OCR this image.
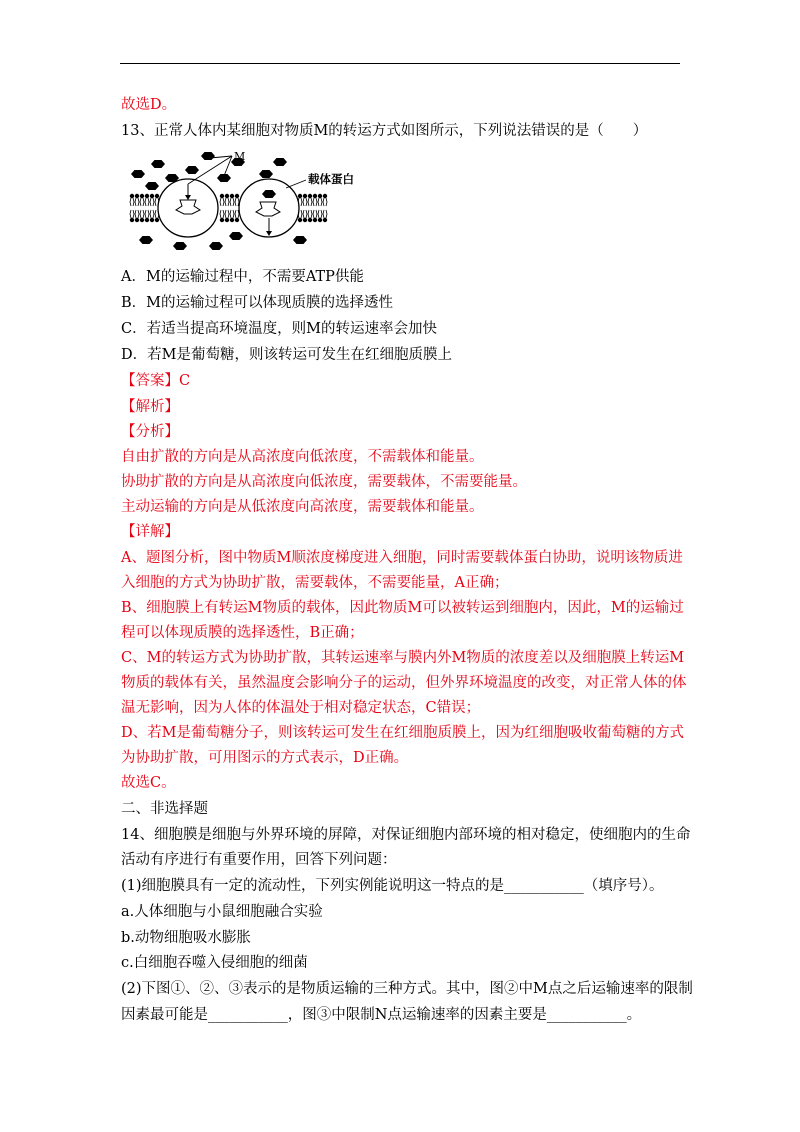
故选D。
13、正常人体内某细胞对物质M的转运方式如图所示，下列说法错误的是（　　）
M
载体蛋白
A．M的运输过程中，不需要ATP供能
B．M的运输过程可以体现质膜的选择透性
C．若适当提高环境温度，则M的转运速率会加快
D．若M是葡萄糖，则该转运可发生在红细胞质膜上
【答案】C
【解析】
【分析】
自由扩散的方向是从高浓度向低浓度，不需载体和能量。
协助扩散的方向是从高浓度向低浓度，需要载体，不需要能量。
主动运输的方向是从低浓度向高浓度，需要载体和能量。
【详解】
A、题图分析，图中物质M顺浓度梯度进入细胞，同时需要载体蛋白协助，说明该物质进
入细胞的方式为协助扩散，需要载体，不需要能量，A正确；
B、细胞膜上有转运M物质的载体，因此物质M可以被转运到细胞内，因此，M的运输过
程可以体现质膜的选择透性，B正确；
C、M的转运方式为协助扩散，其转运速率与膜内外M物质的浓度差以及细胞膜上转运M
物质的载体有关，虽然温度会影响分子的运动，但外界环境温度的改变，对正常人体的体
温无影响，因为人体的体温处于相对稳定状态，C错误；
D、若M是葡萄糖分子，则该转运可发生在红细胞质膜上，因为红细胞吸收葡萄糖的方式
为协助扩散，可用图示的方式表示，D正确。
故选C。
二、非选择题
14、细胞膜是细胞与外界环境的屏障，对保证细胞内部环境的相对稳定，使细胞内的生命
活动有序进行有重要作用，回答下列问题：
(1)细胞膜具有一定的流动性，下列实例能说明这一特点的是___________（填序号）。
a.人体细胞与小鼠细胞融合实验
b.动物细胞吸水膨胀
c.白细胞吞噬入侵细胞的细菌
(2)下图①、②、③表示的是物质运输的三种方式。其中，图②中M点之后运输速率的限制
因素最可能是___________，图③中限制N点运输速率的因素主要是___________。
